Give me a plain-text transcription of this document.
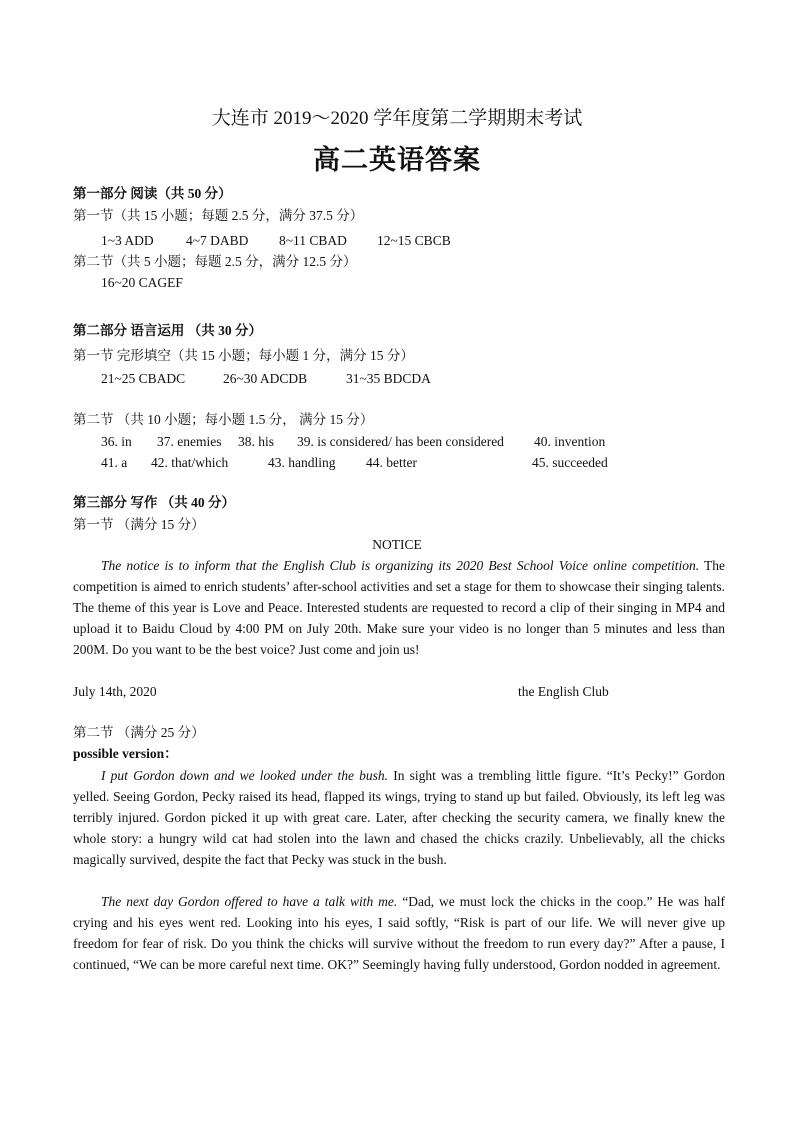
大连市 2019～2020 学年度第二学期期末考试
高二英语答案
第一部分 阅读（共 50 分）
第一节（共 15 小题；每题 2.5 分，满分 37.5 分）
1~3 ADD 4~7 DABD 8~11 CBAD 12~15 CBCB
第二节（共 5 小题；每题 2.5 分，满分 12.5 分）
16~20 CAGEF
第二部分 语言运用 （共 30 分）
第一节 完形填空（共 15 小题；每小题 1 分，满分 15 分）
21~25 CBADC	26~30 ADCDB	31~35 BDCDA
第二节 （共 10 小题；每小题 1.5 分， 满分 15 分）
36. in 37. enemies 38. his 39. is considered/ has been considered 40. invention
41. a 42. that/which	43. handling 44. better	45. succeeded
第三部分 写作 （共 40 分）
第一节 （满分 15 分）
NOTICE
The notice is to inform that the English Club is organizing its 2020 Best School Voice online competition. The competition is aimed to enrich students’ after-school activities and set a stage for them to showcase their singing talents. The theme of this year is Love and Peace. Interested students are requested to record a clip of their singing in MP4 and upload it to Baidu Cloud by 4:00 PM on July 20th. Make sure your video is no longer than 5 minutes and less than 200M. Do you want to be the best voice? Just come and join us!
July 14th, 2020	the English Club
第二节 （满分 25 分）
possible version：
I put Gordon down and we looked under the bush. In sight was a trembling little figure. “It’s Pecky!” Gordon yelled. Seeing Gordon, Pecky raised its head, flapped its wings, trying to stand up but failed. Obviously, its left leg was terribly injured. Gordon picked it up with great care. Later, after checking the security camera, we finally knew the whole story: a hungry wild cat had stolen into the lawn and chased the chicks crazily. Unbelievably, all the chicks magically survived, despite the fact that Pecky was stuck in the bush.
The next day Gordon offered to have a talk with me. “Dad, we must lock the chicks in the coop.” He was half crying and his eyes went red. Looking into his eyes, I said softly, “Risk is part of our life. We will never give up freedom for fear of risk. Do you think the chicks will survive without the freedom to run every day?” After a pause, I continued, “We can be more careful next time. OK?” Seemingly having fully understood, Gordon nodded in agreement.
